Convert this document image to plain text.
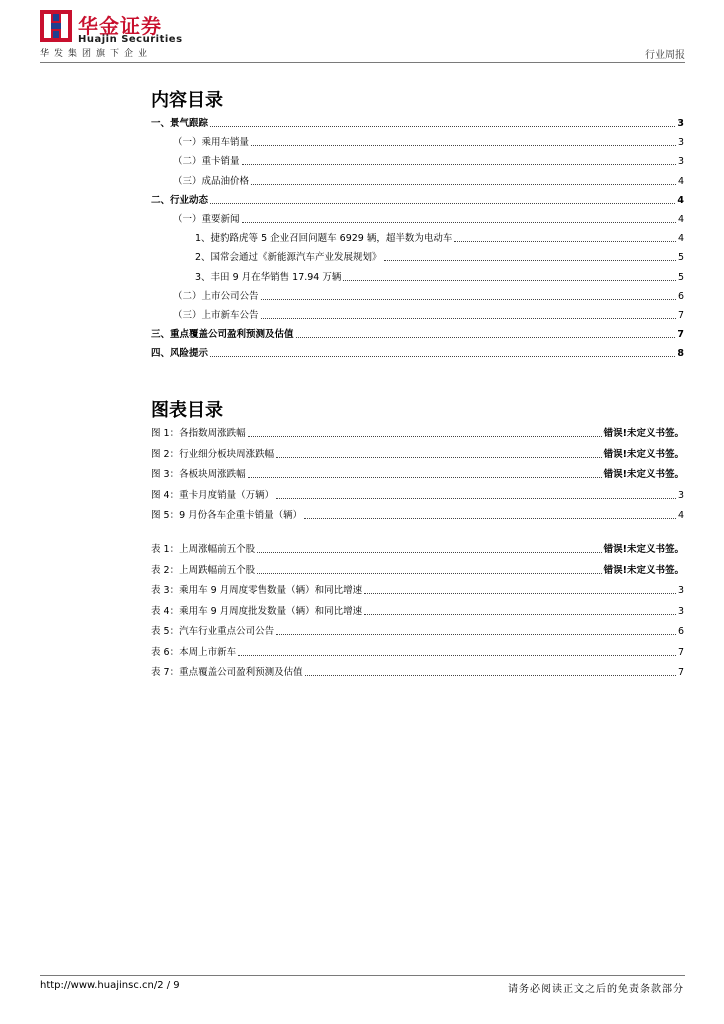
华金证券
Huajin Securities
华发集团旗下企业	行业周报
内容目录
一、景气跟踪	3
（一）乘用车销量	3
（二）重卡销量	3
（三）成品油价格	4
二、行业动态	4
（一）重要新闻	4
1、捷豹路虎等 5 企业召回问题车 6929 辆，超半数为电动车	4
2、国常会通过《新能源汽车产业发展规划》	5
3、丰田 9 月在华销售 17.94 万辆	5
（二）上市公司公告	6
（三）上市新车公告	7
三、重点覆盖公司盈利预测及估值	7
四、风险提示	8
图表目录
图 1：各指数周涨跌幅	错误!未定义书签。
图 2：行业细分板块周涨跌幅	错误!未定义书签。
图 3：各板块周涨跌幅	错误!未定义书签。
图 4：重卡月度销量（万辆）	3
图 5：9 月份各车企重卡销量（辆）	4
表 1：上周涨幅前五个股	错误!未定义书签。
表 2：上周跌幅前五个股	错误!未定义书签。
表 3：乘用车 9 月周度零售数量（辆）和同比增速	3
表 4：乘用车 9 月周度批发数量（辆）和同比增速	3
表 5：汽车行业重点公司公告	6
表 6：本周上市新车	7
表 7：重点覆盖公司盈利预测及估值	7
http://www.huajinsc.cn/2 / 9	请务必阅读正文之后的免责条款部分
